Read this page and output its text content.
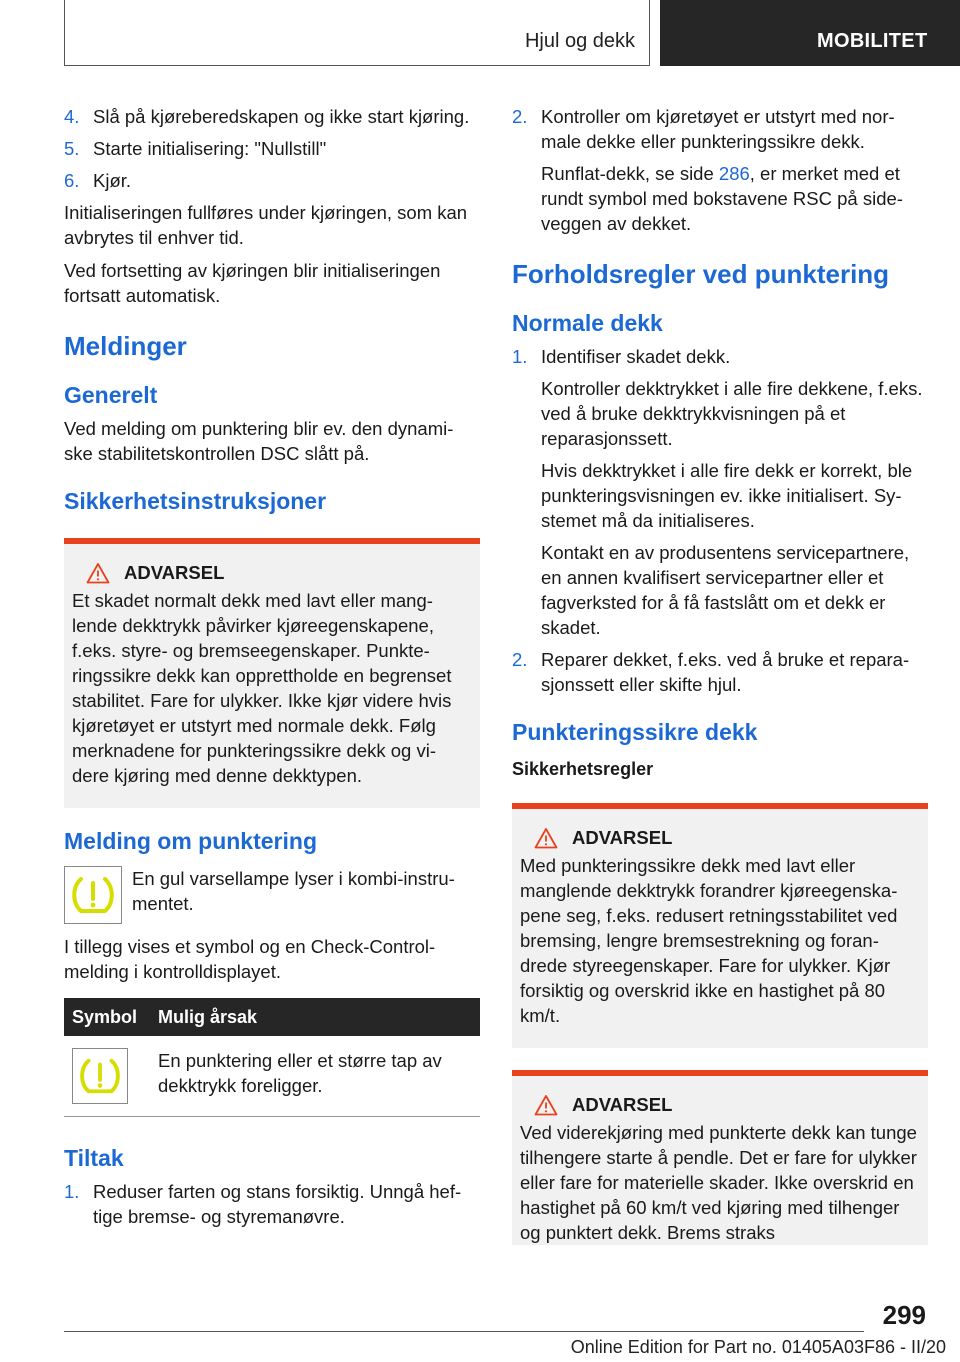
Hjul og dekk	MOBILITET
4. Slå på kjøreberedskapen og ikke start kjøring.
5. Starte initialisering: "Nullstill"
6. Kjør.

Initialiseringen fullføres under kjøringen, som kan avbrytes til enhver tid.

Ved fortsetting av kjøringen blir initialiseringen fortsatt automatisk.

Meldinger
Generelt

Ved melding om punktering blir ev. den dynami-ske stabilitetskontrollen DSC slått på.

Sikkerhetsinstruksjoner
ADVARSEL

Et skadet normalt dekk med lavt eller mang-lende dekktrykk påvirker kjøreegenskapene, f.eks. styre- og bremseegenskaper. Punkte-ringssikre dekk kan opprettholde en begrenset stabilitet. Fare for ulykker. Ikke kjør videre hvis kjøretøyet er utstyrt med normale dekk. Følg merknadene for punkteringssikre dekk og vi-dere kjøring med denne dekktypen.

Melding om punktering

En gul varsellampe lyser i kombi-instru-mentet.

I tillegg vises et symbol og en Check-Control-melding i kontrolldisplayet.

Symbol	Mulig årsak

	En punktering eller et større tap av dekktrykk foreligger.
Tiltak
1. Reduser farten og stans forsiktig. Unngå hef-tige bremse- og styremanøvre.
2. Kontroller om kjøretøyet er utstyrt med nor-male dekke eller punkteringssikre dekk.
Runflat-dekk, se side 286, er merket med et rundt symbol med bokstavene RSC på side-veggen av dekket.
Forholdsregler ved punktering
Normale dekk
1. Identifiser skadet dekk.
Kontroller dekktrykket i alle fire dekkene, f.eks. ved å bruke dekktrykkvisningen på et reparasjonssett.
Hvis dekktrykket i alle fire dekk er korrekt, ble punkteringsvisningen ev. ikke initialisert. Sy-stemet må da initialiseres.
Kontakt en av produsentens servicepartnere, en annen kvalifisert servicepartner eller et fagverksted for å få fastslått om et dekk er skadet.
2. Reparer dekket, f.eks. ved å bruke et repara-sjonssett eller skifte hjul.
Punkteringssikre dekk
Sikkerhetsregler
ADVARSEL

Med punkteringssikre dekk med lavt eller manglende dekktrykk forandrer kjøreegenska-pene seg, f.eks. redusert retningsstabilitet ved bremsing, lengre bremsestrekning og foran-drede styreegenskaper. Fare for ulykker. Kjør forsiktig og overskrid ikke en hastighet på 80 km/t.

ADVARSEL

Ved viderekjøring med punkterte dekk kan tunge tilhengere starte å pendle. Det er fare for ulykker eller fare for materielle skader. Ikke overskrid en hastighet på 60 km/t ved kjøring med tilhenger og punktert dekk. Brems straks

299
Online Edition for Part no. 01405A03F86 - II/20
